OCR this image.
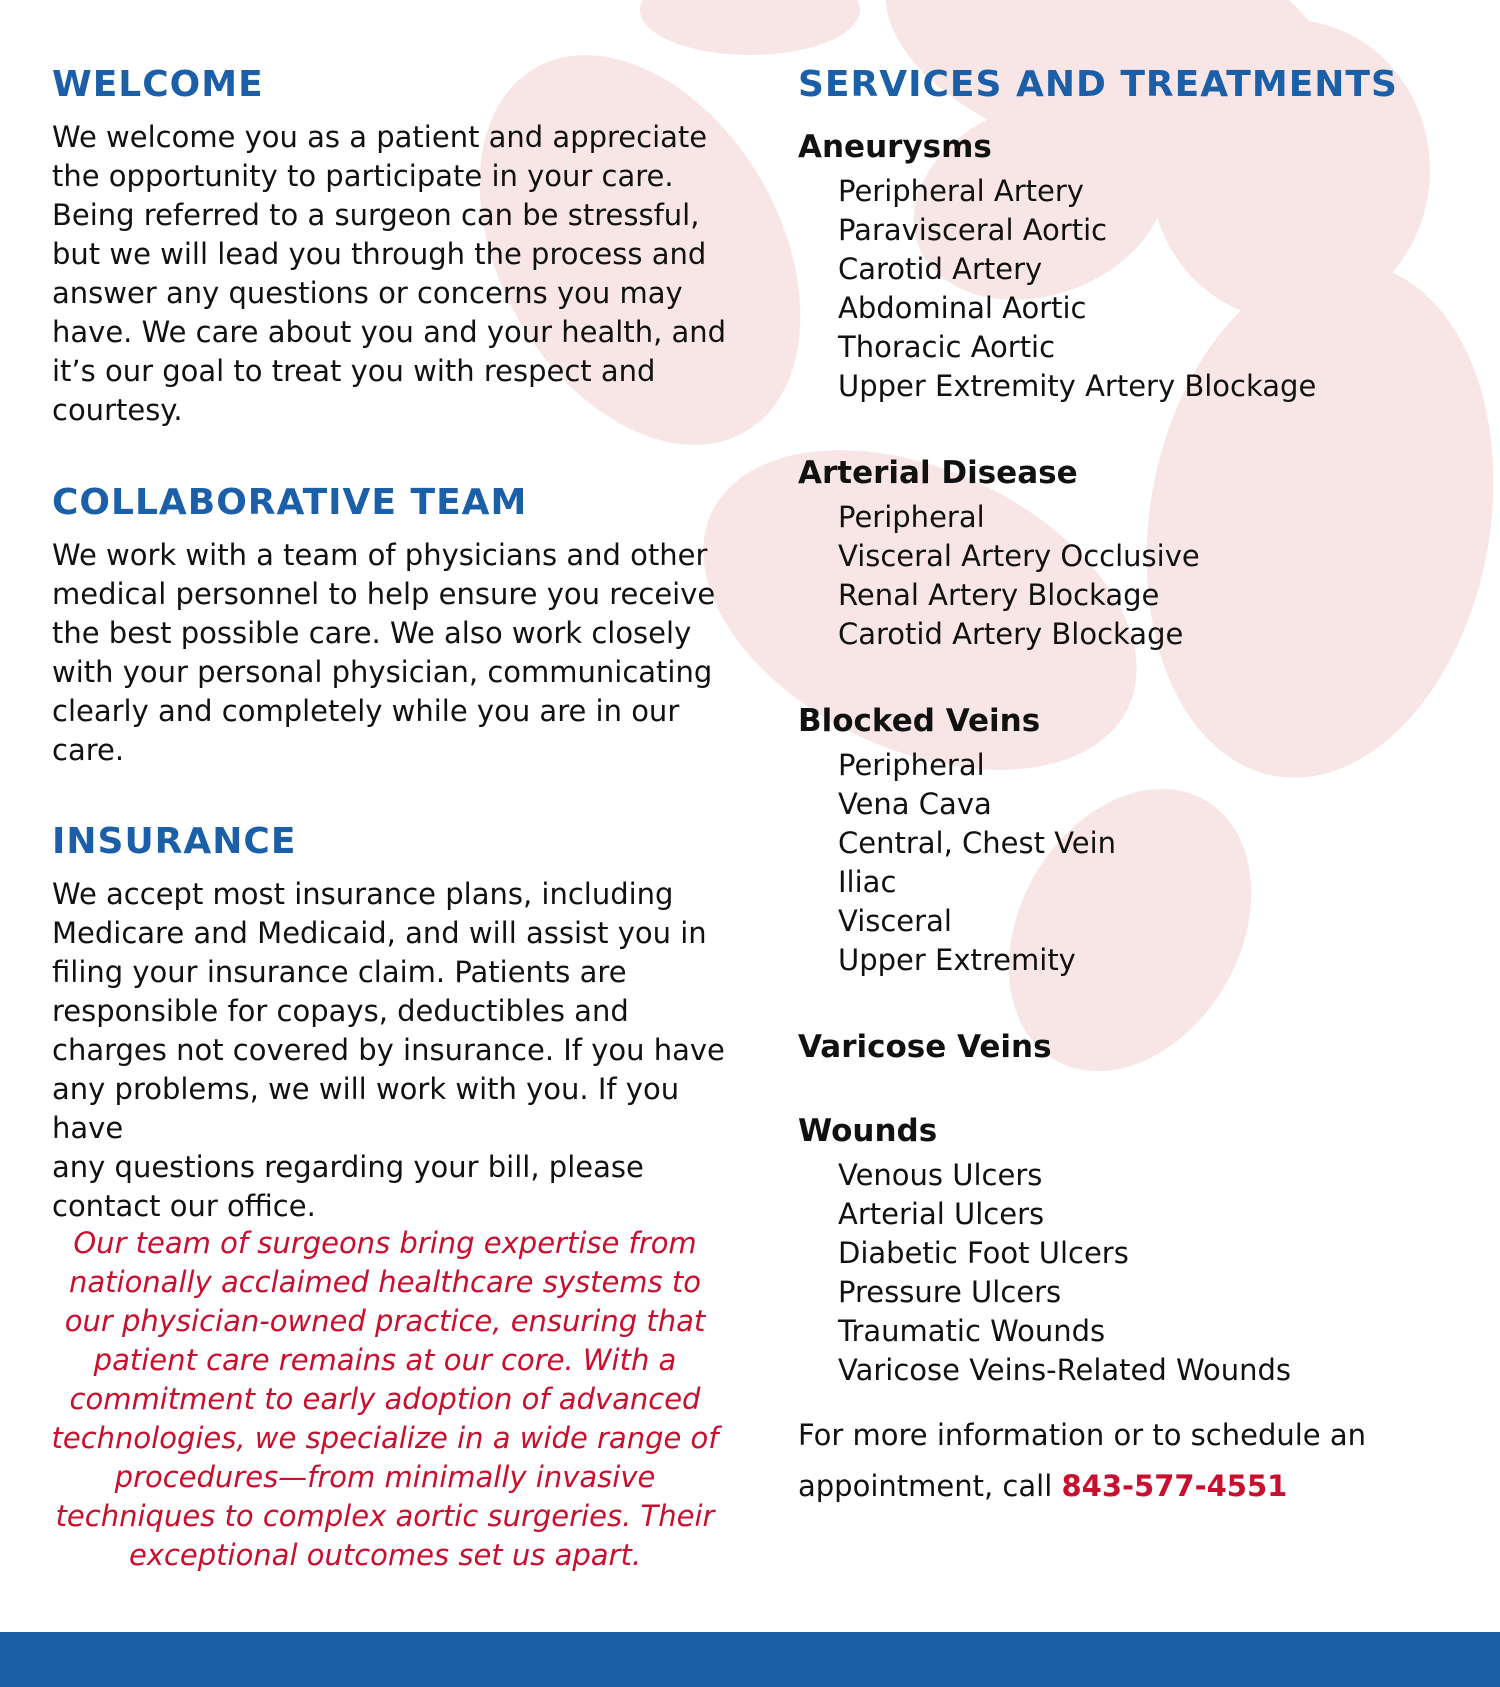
WELCOME

We welcome you as a patient and appreciate
the opportunity to participate in your care.
Being referred to a surgeon can be stressful,
but we will lead you through the process and
answer any questions or concerns you may
have. We care about you and your health, and
it’s our goal to treat you with respect and
courtesy.

COLLABORATIVE TEAM

We work with a team of physicians and other
medical personnel to help ensure you receive
the best possible care. We also work closely
with your personal physician, communicating
clearly and completely while you are in our
care.

INSURANCE

We accept most insurance plans, including
Medicare and Medicaid, and will assist you in
filing your insurance claim. Patients are
responsible for copays, deductibles and
charges not covered by insurance. If you have
any problems, we will work with you. If you have
any questions regarding your bill, please
contact our office.

Our team of surgeons bring expertise from
nationally acclaimed healthcare systems to
our physician-owned practice, ensuring that
patient care remains at our core. With a
commitment to early adoption of advanced
technologies, we specialize in a wide range of
procedures—from minimally invasive
techniques to complex aortic surgeries. Their
exceptional outcomes set us apart.

SERVICES AND TREATMENTS
Aneurysms
Peripheral Artery
Paravisceral Aortic
Carotid Artery
Abdominal Aortic
Thoracic Aortic
Upper Extremity Artery Blockage
Arterial Disease
Peripheral
Visceral Artery Occlusive
Renal Artery Blockage
Carotid Artery Blockage
Blocked Veins
Peripheral
Vena Cava
Central, Chest Vein
Iliac
Visceral
Upper Extremity
Varicose Veins
Wounds
Venous Ulcers
Arterial Ulcers
Diabetic Foot Ulcers
Pressure Ulcers
Traumatic Wounds
Varicose Veins-Related Wounds

For more information or to schedule an
appointment, call 843-577-4551
